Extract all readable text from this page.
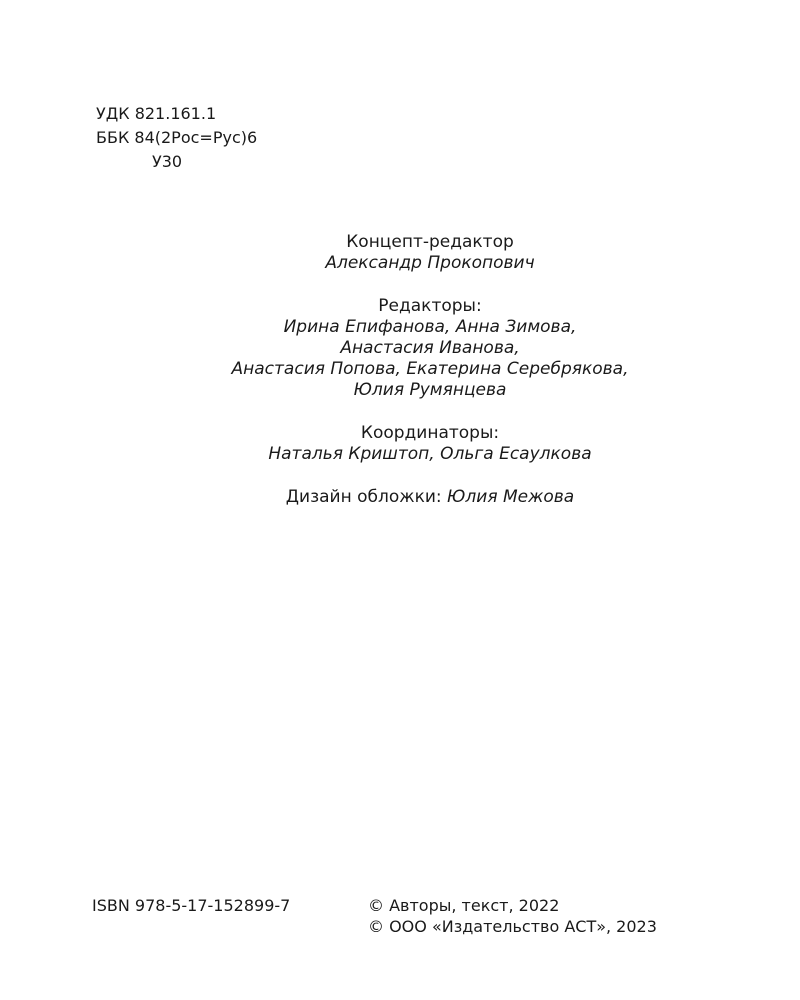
УДК 821.161.1
ББК 84(2Рос=Рус)6
У30
Концепт-редактор
Александр Прокопович
Редакторы:
Ирина Епифанова, Анна Зимова,
Анастасия Иванова,
Анастасия Попова, Екатерина Серебрякова,
Юлия Румянцева
Координаторы:
Наталья Криштоп, Ольга Есаулкова
Дизайн обложки: Юлия Межова
ISBN 978-5-17-152899-7	© Авторы, текст, 2022
© ООО «Издательство АСТ», 2023
